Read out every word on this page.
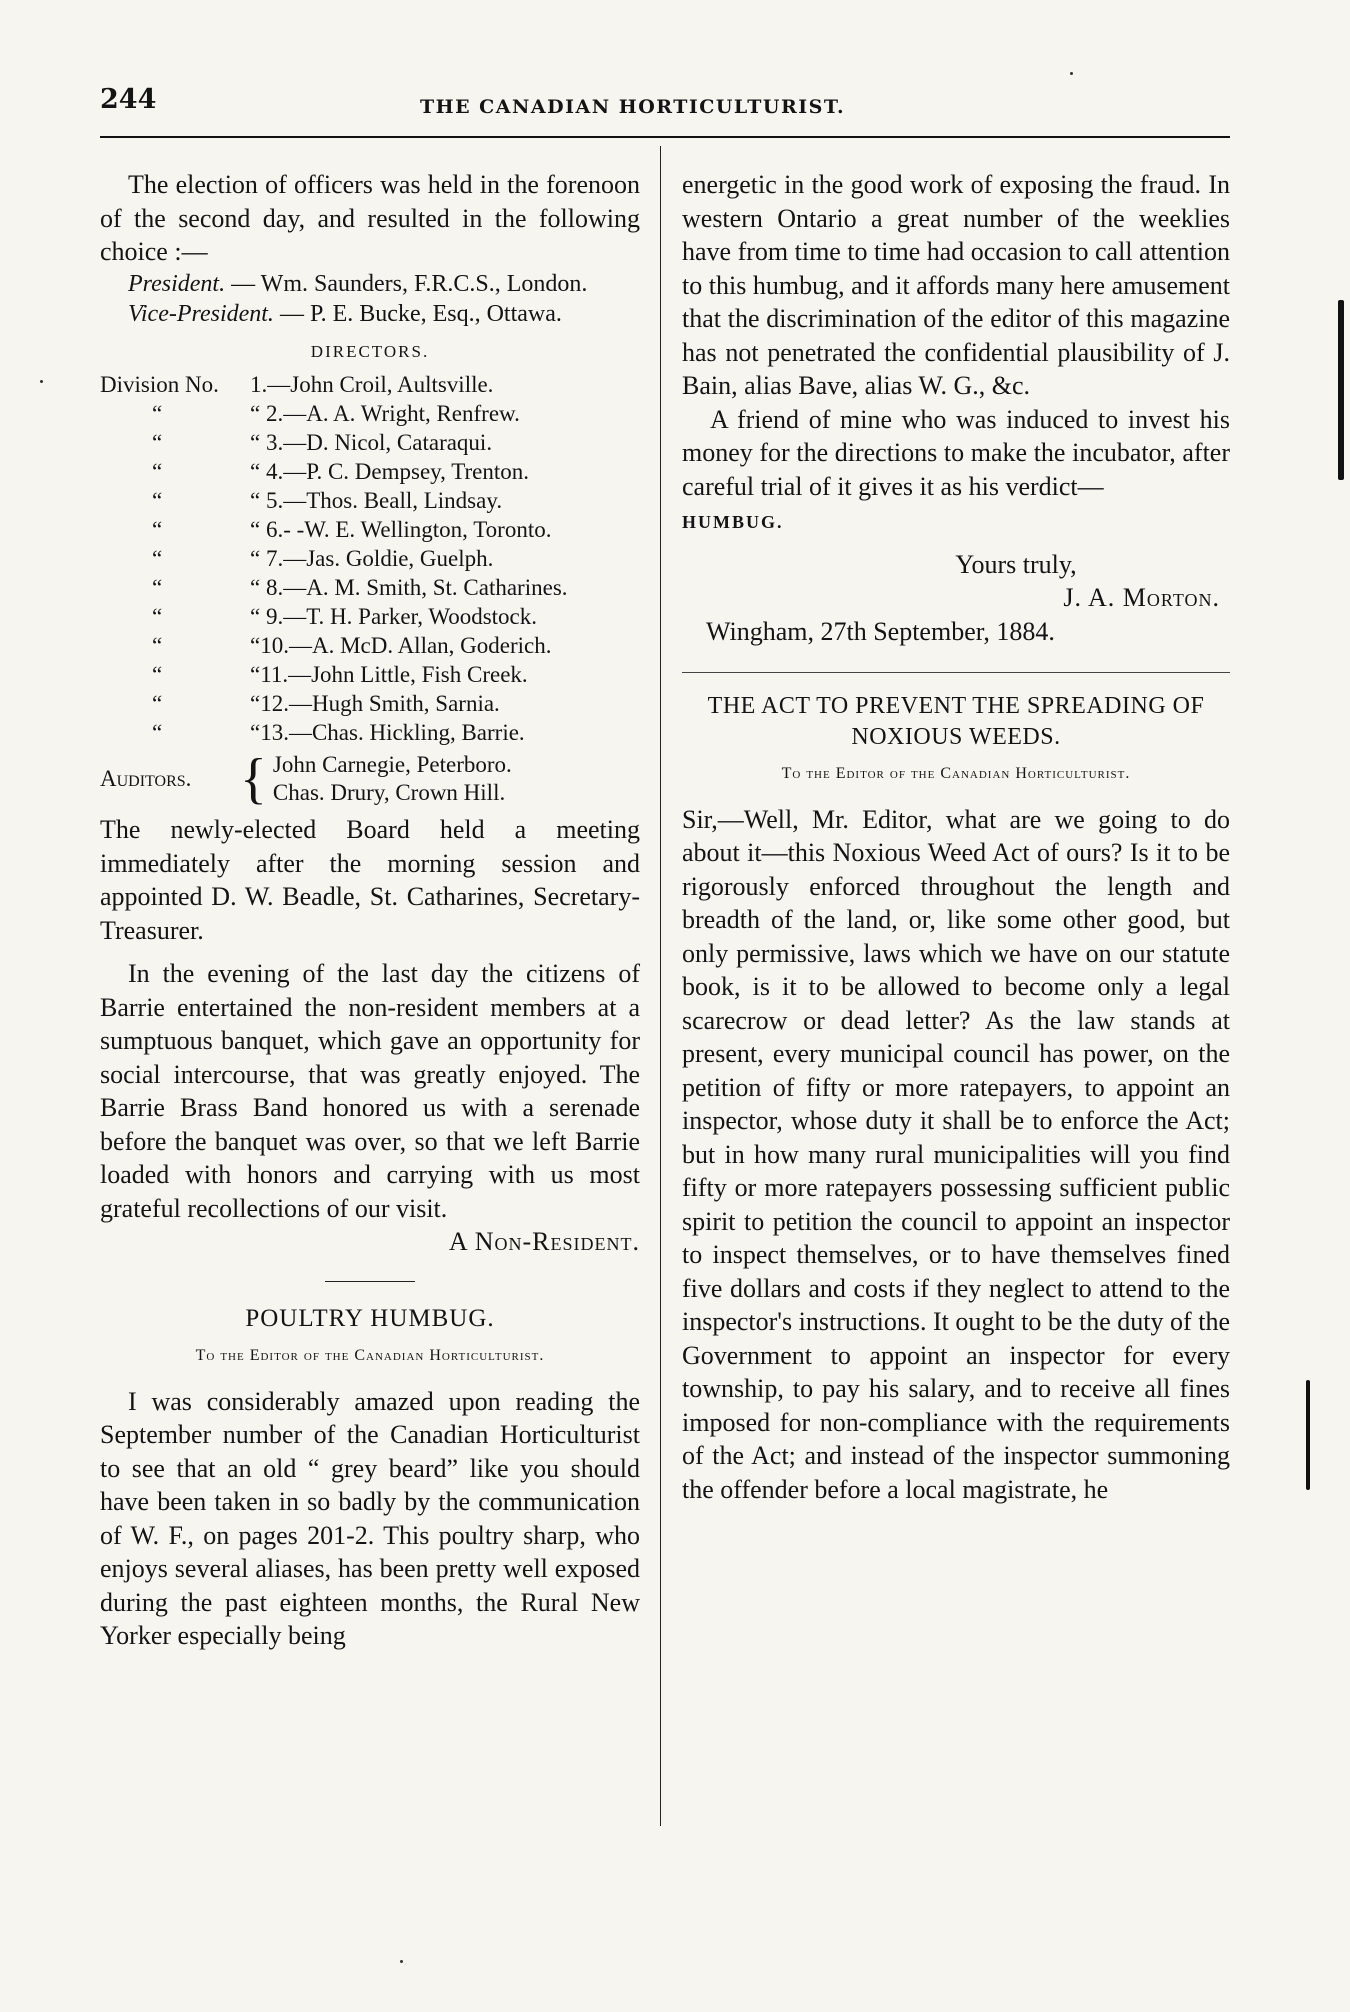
244	THE CANADIAN HORTICULTURIST.

The election of officers was held in the forenoon of the second day, and resulted in the following choice :—

President. — Wm. Saunders, F.R.C.S., London.

Vice-President. — P. E. Bucke, Esq., Ottawa.

DIRECTORS.
Division No. 1.—John Croil, Aultsville.
“	“ 2.—A. A. Wright, Renfrew.
“	“ 3.—D. Nicol, Cataraqui.
“	“ 4.—P. C. Dempsey, Trenton.
“	“ 5.—Thos. Beall, Lindsay.
“	“ 6.- -W. E. Wellington, Toronto.
“	“ 7.—Jas. Goldie, Guelph.
“	“ 8.—A. M. Smith, St. Catharines.
“	“ 9.—T. H. Parker, Woodstock.
“	“10.—A. McD. Allan, Goderich.
“	“11.—John Little, Fish Creek.
“	“12.—Hugh Smith, Sarnia.
“	“13.—Chas. Hickling, Barrie.
Auditors. { John Carnegie, Peterboro.
Chas. Drury, Crown Hill.

The newly-elected Board held a meeting immediately after the morning session and appointed D. W. Beadle, St. Catharines, Secretary-Treasurer.

In the evening of the last day the citizens of Barrie entertained the non-resident members at a sumptuous banquet, which gave an opportunity for social intercourse, that was greatly enjoyed. The Barrie Brass Band honored us with a serenade before the banquet was over, so that we left Barrie loaded with honors and carrying with us most grateful recollections of our visit.

A Non-Resident.

POULTRY HUMBUG.
To the Editor of the Canadian Horticulturist.

I was considerably amazed upon reading the September number of the Canadian Horticulturist to see that an old “ grey beard” like you should have been taken in so badly by the communication of W. F., on pages 201-2. This poultry sharp, who enjoys several aliases, has been pretty well exposed during the past eighteen months, the Rural New Yorker especially being

energetic in the good work of exposing the fraud. In western Ontario a great number of the weeklies have from time to time had occasion to call attention to this humbug, and it affords many here amusement that the discrimination of the editor of this magazine has not penetrated the confidential plausibility of J. Bain, alias Bave, alias W. G., &c.

A friend of mine who was induced to invest his money for the directions to make the incubator, after careful trial of it gives it as his verdict—

HUMBUG.

Yours truly,

J. A. Morton.

Wingham, 27th September, 1884.

THE ACT TO PREVENT THE SPREADING OF NOXIOUS WEEDS.
To the Editor of the Canadian Horticulturist.

Sir,—Well, Mr. Editor, what are we going to do about it—this Noxious Weed Act of ours? Is it to be rigorously enforced throughout the length and breadth of the land, or, like some other good, but only permissive, laws which we have on our statute book, is it to be allowed to become only a legal scarecrow or dead letter? As the law stands at present, every municipal council has power, on the petition of fifty or more ratepayers, to appoint an inspector, whose duty it shall be to enforce the Act; but in how many rural municipalities will you find fifty or more ratepayers possessing sufficient public spirit to petition the council to appoint an inspector to inspect themselves, or to have themselves fined five dollars and costs if they neglect to attend to the inspector's instructions. It ought to be the duty of the Government to appoint an inspector for every township, to pay his salary, and to receive all fines imposed for non-compliance with the requirements of the Act; and instead of the inspector summoning the offender before a local magistrate, he
